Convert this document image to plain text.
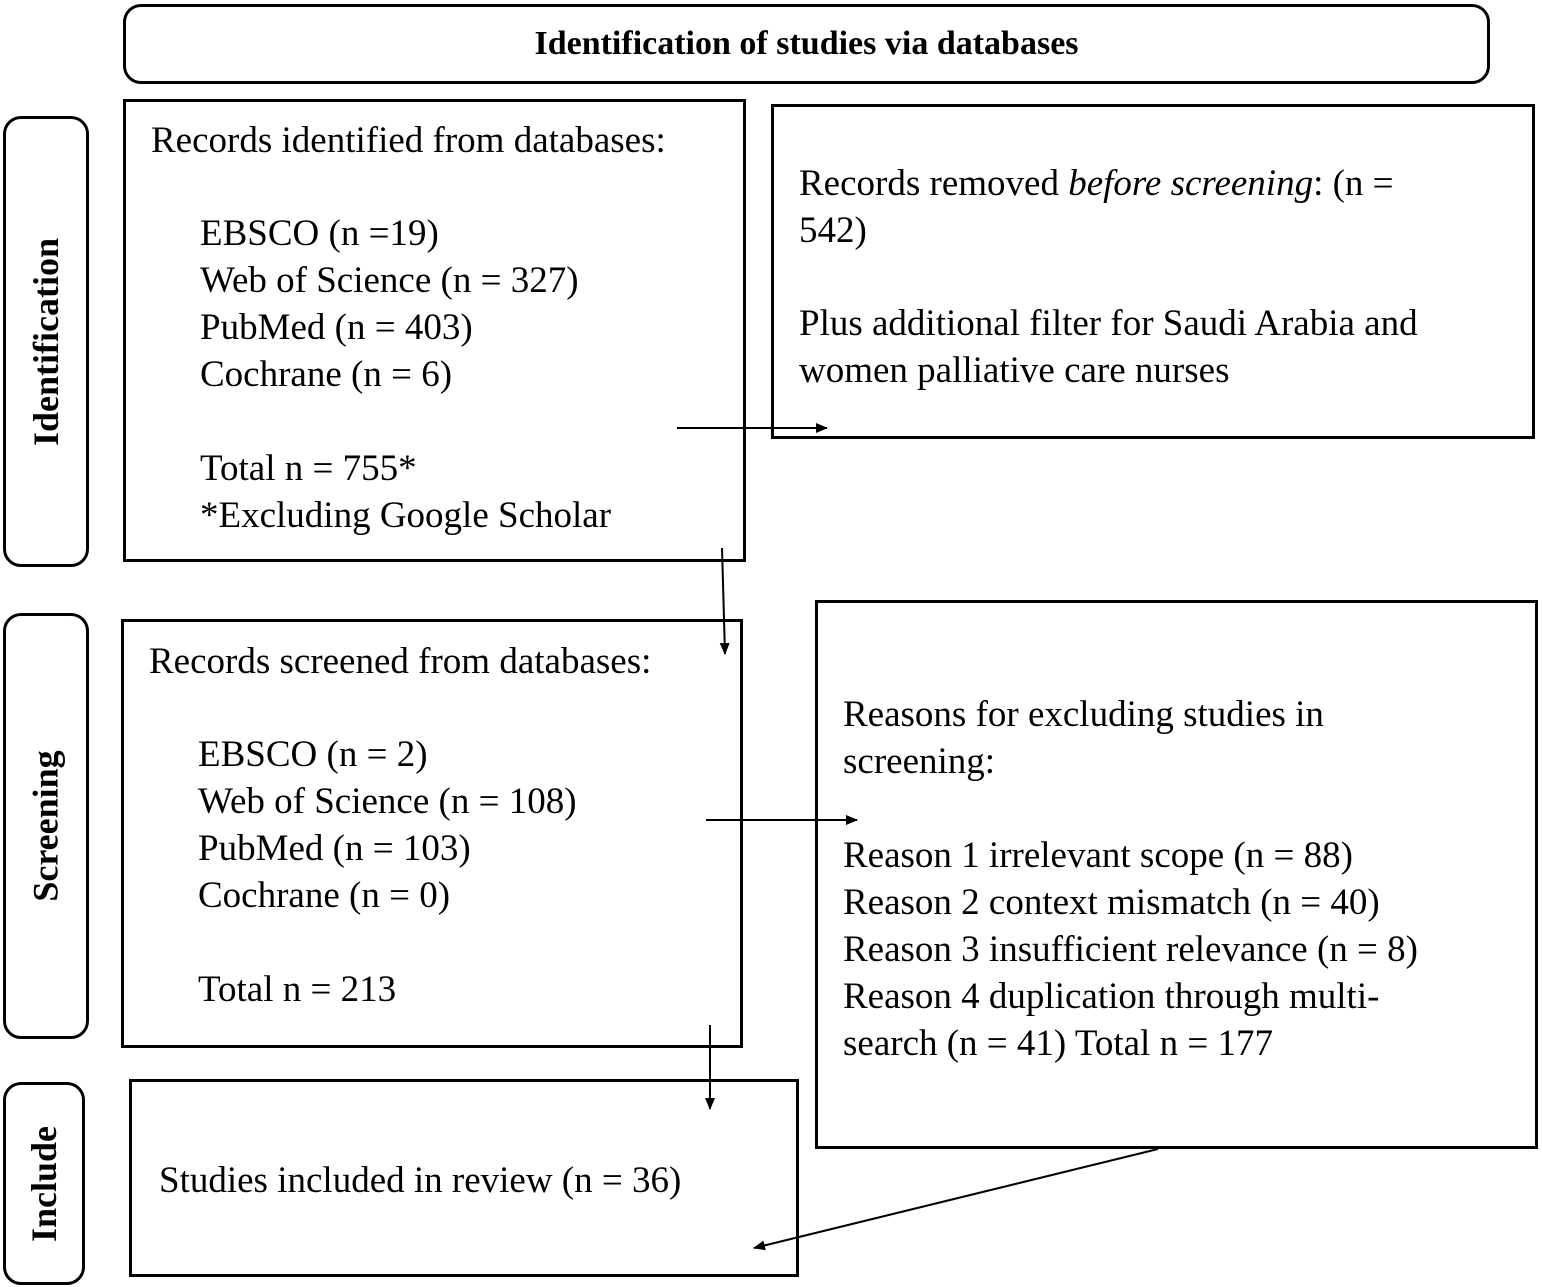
Identification of studies via databases
Identification
Screening
Include

Records identified from databases:

EBSCO (n =19)
Web of Science (n = 327)
PubMed (n = 403)
Cochrane (n = 6)

Total n = 755*
*Excluding Google Scholar

Records removed before screening: (n =
542)

Plus additional filter for Saudi Arabia and
women palliative care nurses

Records screened from databases:

EBSCO (n = 2)
Web of Science (n = 108)
PubMed (n = 103)
Cochrane (n = 0)

Total n = 213

Reasons for excluding studies in
screening:

Reason 1 irrelevant scope (n = 88)
Reason 2 context mismatch (n = 40)
Reason 3 insufficient relevance (n = 8)
Reason 4 duplication through multi-
search (n = 41) Total n = 177

Studies included in review (n = 36)
